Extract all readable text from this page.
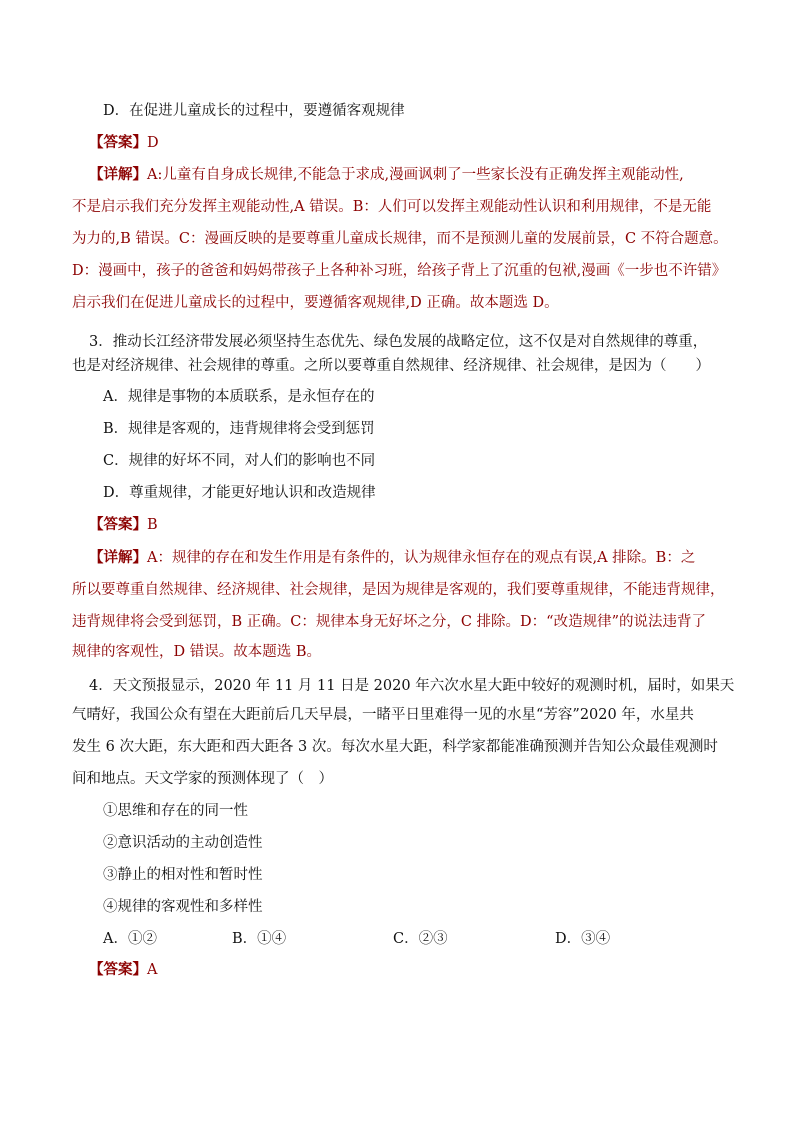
D．在促进儿童成长的过程中，要遵循客观规律
【答案】D
【详解】A:儿童有自身成长规律,不能急于求成,漫画讽刺了一些家长没有正确发挥主观能动性,
不是启示我们充分发挥主观能动性,A 错误。B：人们可以发挥主观能动性认识和利用规律，不是无能
为力的,B 错误。C：漫画反映的是要尊重儿童成长规律，而不是预测儿童的发展前景，C 不符合题意。
D：漫画中，孩子的爸爸和妈妈带孩子上各种补习班，给孩子背上了沉重的包袱,漫画《一步也不许错》
启示我们在促进儿童成长的过程中，要遵循客观规律,D 正确。故本题选 D。
3．推动长江经济带发展必须坚持生态优先、绿色发展的战略定位，这不仅是对自然规律的尊重，
也是对经济规律、社会规律的尊重。之所以要尊重自然规律、经济规律、社会规律，是因为（　　）
A．规律是事物的本质联系，是永恒存在的
B．规律是客观的，违背规律将会受到惩罚
C．规律的好坏不同，对人们的影响也不同
D．尊重规律，才能更好地认识和改造规律
【答案】B
【详解】A：规律的存在和发生作用是有条件的，认为规律永恒存在的观点有误,A 排除。B：之
所以要尊重自然规律、经济规律、社会规律，是因为规律是客观的，我们要尊重规律，不能违背规律，
违背规律将会受到惩罚，B 正确。C：规律本身无好坏之分，C 排除。D：“改造规律”的说法违背了
规律的客观性，D 错误。故本题选 B。
4．天文预报显示，2020 年 11 月 11 日是 2020 年六次水星大距中较好的观测时机，届时，如果天
气晴好，我国公众有望在大距前后几天早晨，一睹平日里难得一见的水星“芳容”2020 年，水星共
发生 6 次大距，东大距和西大距各 3 次。每次水星大距，科学家都能准确预测并告知公众最佳观测时
间和地点。天文学家的预测体现了（　）
①思维和存在的同一性
②意识活动的主动创造性
③静止的相对性和暂时性
④规律的客观性和多样性
A．①②	B．①④	C．②③	D．③④
【答案】A
